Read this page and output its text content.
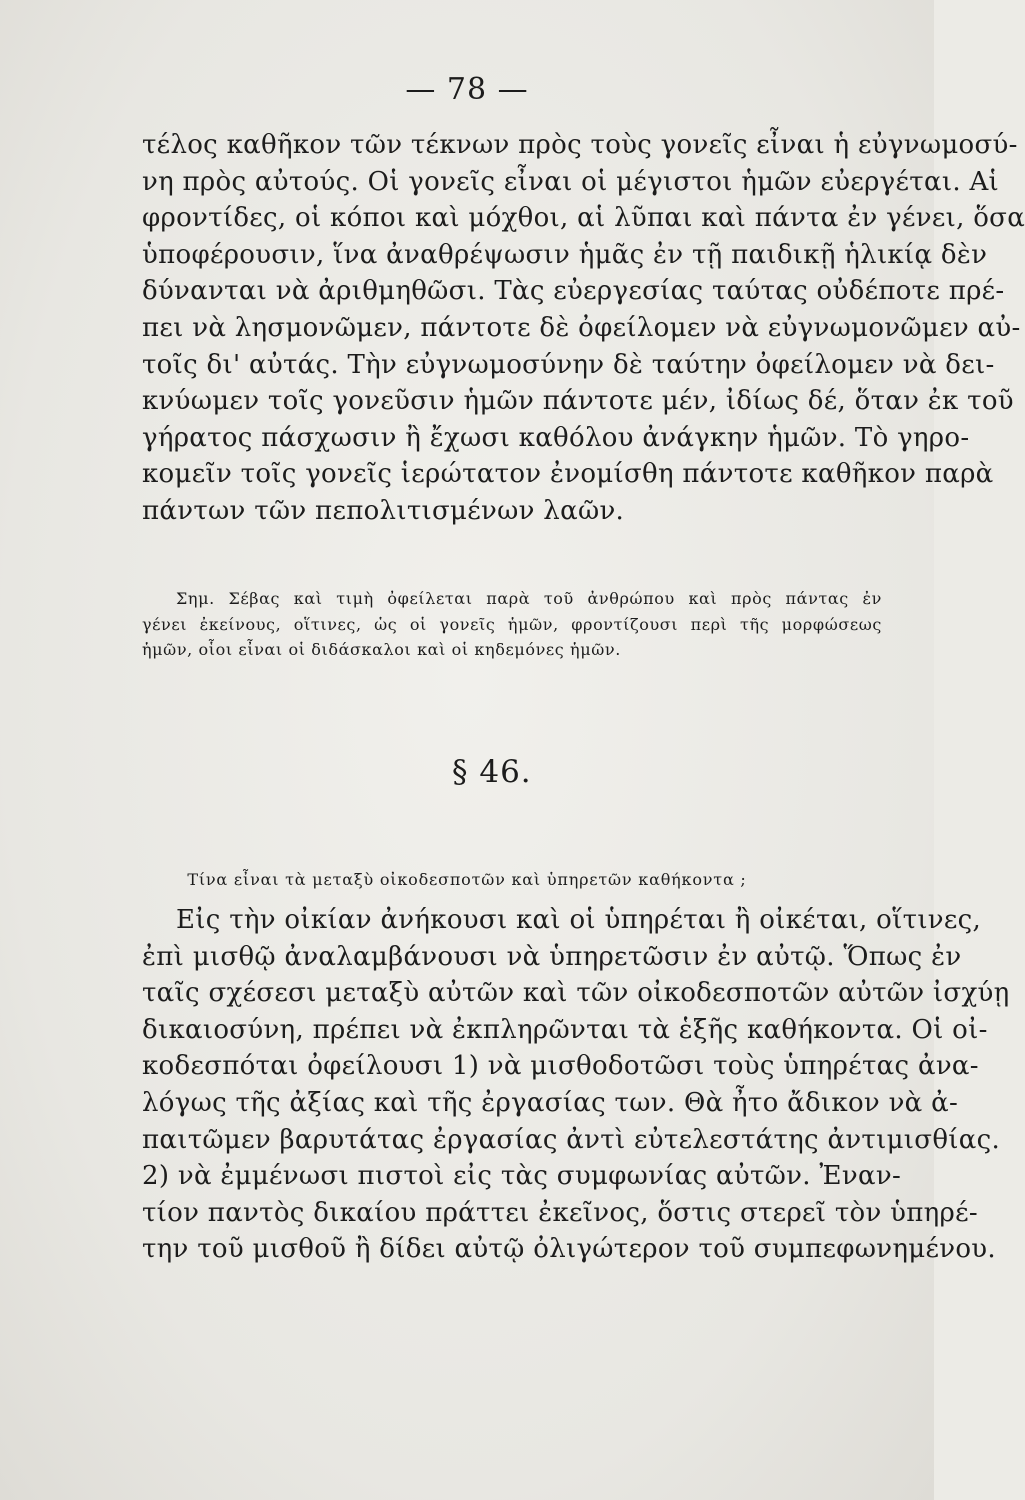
— 78 —
τέλος καθῆκον τῶν τέκνων πρὸς τοὺς γονεῖς εἶναι ἡ εὐγνωμοσύ-
νη πρὸς αὐτούς. Οἱ γονεῖς εἶναι οἱ μέγιστοι ἡμῶν εὐεργέται. Αἱ
φροντίδες, οἱ κόποι καὶ μόχθοι, αἱ λῦπαι καὶ πάντα ἐν γένει, ὅσα
ὑποφέρουσιν, ἵνα ἀναθρέψωσιν ἡμᾶς ἐν τῇ παιδικῇ ἡλικίᾳ δὲν
δύνανται νὰ ἀριθμηθῶσι. Τὰς εὐεργεσίας ταύτας οὐδέποτε πρέ-
πει νὰ λησμονῶμεν, πάντοτε δὲ ὀφείλομεν νὰ εὐγνωμονῶμεν αὐ-
τοῖς δι' αὐτάς. Τὴν εὐγνωμοσύνην δὲ ταύτην ὀφείλομεν νὰ δει-
κνύωμεν τοῖς γονεῦσιν ἡμῶν πάντοτε μέν, ἰδίως δέ, ὅταν ἐκ τοῦ
γήρατος πάσχωσιν ἢ ἔχωσι καθόλου ἀνάγκην ἡμῶν. Τὸ γηρο-
κομεῖν τοῖς γονεῖς ἱερώτατον ἐνομίσθη πάντοτε καθῆκον παρὰ
πάντων τῶν πεπολιτισμένων λαῶν.
Σημ. Σέβας καὶ τιμὴ ὀφείλεται παρὰ τοῦ ἀνθρώπου καὶ πρὸς πάντας ἐν
γένει ἐκείνους, οἵτινες, ὡς οἱ γονεῖς ἡμῶν, φροντίζουσι περὶ τῆς μορφώσεως
ἡμῶν, οἷοι εἶναι οἱ διδάσκαλοι καὶ οἱ κηδεμόνες ἡμῶν.
§ 46.
Τίνα εἶναι τὰ μεταξὺ οἰκοδεσποτῶν καὶ ὑπηρετῶν καθήκοντα ;
Εἰς τὴν οἰκίαν ἀνήκουσι καὶ οἱ ὑπηρέται ἢ οἰκέται, οἵτινες,
ἐπὶ μισθῷ ἀναλαμβάνουσι νὰ ὑπηρετῶσιν ἐν αὐτῷ. Ὅπως ἐν
ταῖς σχέσεσι μεταξὺ αὐτῶν καὶ τῶν οἰκοδεσποτῶν αὐτῶν ἰσχύῃ
δικαιοσύνη, πρέπει νὰ ἐκπληρῶνται τὰ ἑξῆς καθήκοντα. Οἱ οἰ-
κοδεσπόται ὀφείλουσι 1) νὰ μισθοδοτῶσι τοὺς ὑπηρέτας ἀνα-
λόγως τῆς ἀξίας καὶ τῆς ἐργασίας των. Θὰ ἦτο ἄδικον νὰ ἀ-
παιτῶμεν βαρυτάτας ἐργασίας ἀντὶ εὐτελεστάτης ἀντιμισθίας.
2) νὰ ἐμμένωσι πιστοὶ εἰς τὰς συμφωνίας αὐτῶν. Ἐναν-
τίον παντὸς δικαίου πράττει ἐκεῖνος, ὅστις στερεῖ τὸν ὑπηρέ-
την τοῦ μισθοῦ ἢ δίδει αὐτῷ ὀλιγώτερον τοῦ συμπεφωνημένου.
